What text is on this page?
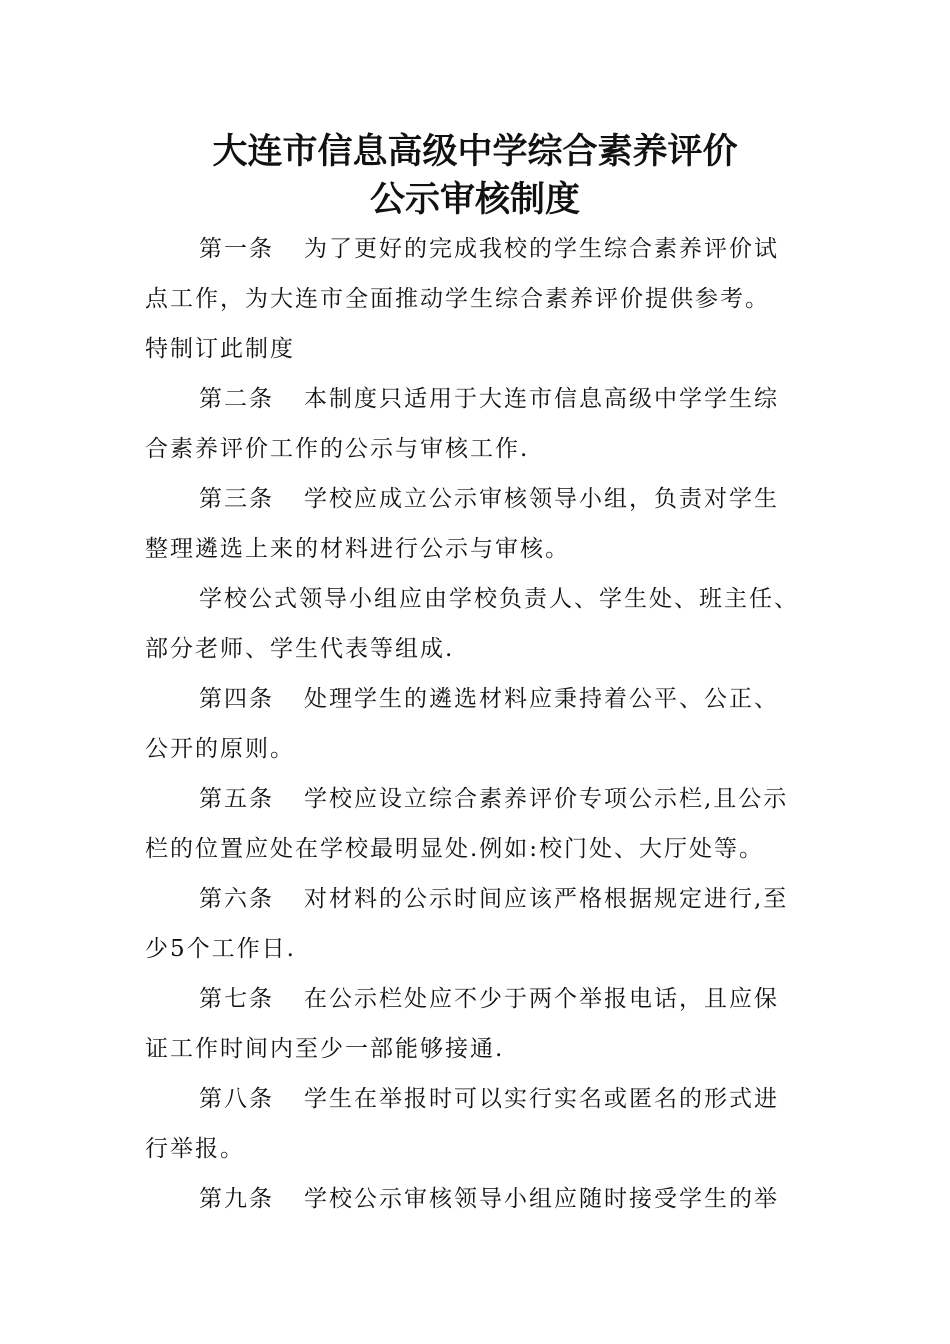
大连市信息高级中学综合素养评价
公示审核制度

第一条 为了更好的完成我校的学生综合素养评价试
点工作，为大连市全面推动学生综合素养评价提供参考。
特制订此制度

第二条 本制度只适用于大连市信息高级中学学生综
合素养评价工作的公示与审核工作.

第三条 学校应成立公示审核领导小组，负责对学生
整理遴选上来的材料进行公示与审核。

学校公式领导小组应由学校负责人、学生处、班主任、
部分老师、学生代表等组成.

第四条 处理学生的遴选材料应秉持着公平、公正、
公开的原则。

第五条 学校应设立综合素养评价专项公示栏,且公示
栏的位置应处在学校最明显处.例如:校门处、大厅处等。

第六条 对材料的公示时间应该严格根据规定进行,至
少5个工作日.

第七条 在公示栏处应不少于两个举报电话，且应保
证工作时间内至少一部能够接通.

第八条 学生在举报时可以实行实名或匿名的形式进
行举报。

第九条 学校公示审核领导小组应随时接受学生的举
